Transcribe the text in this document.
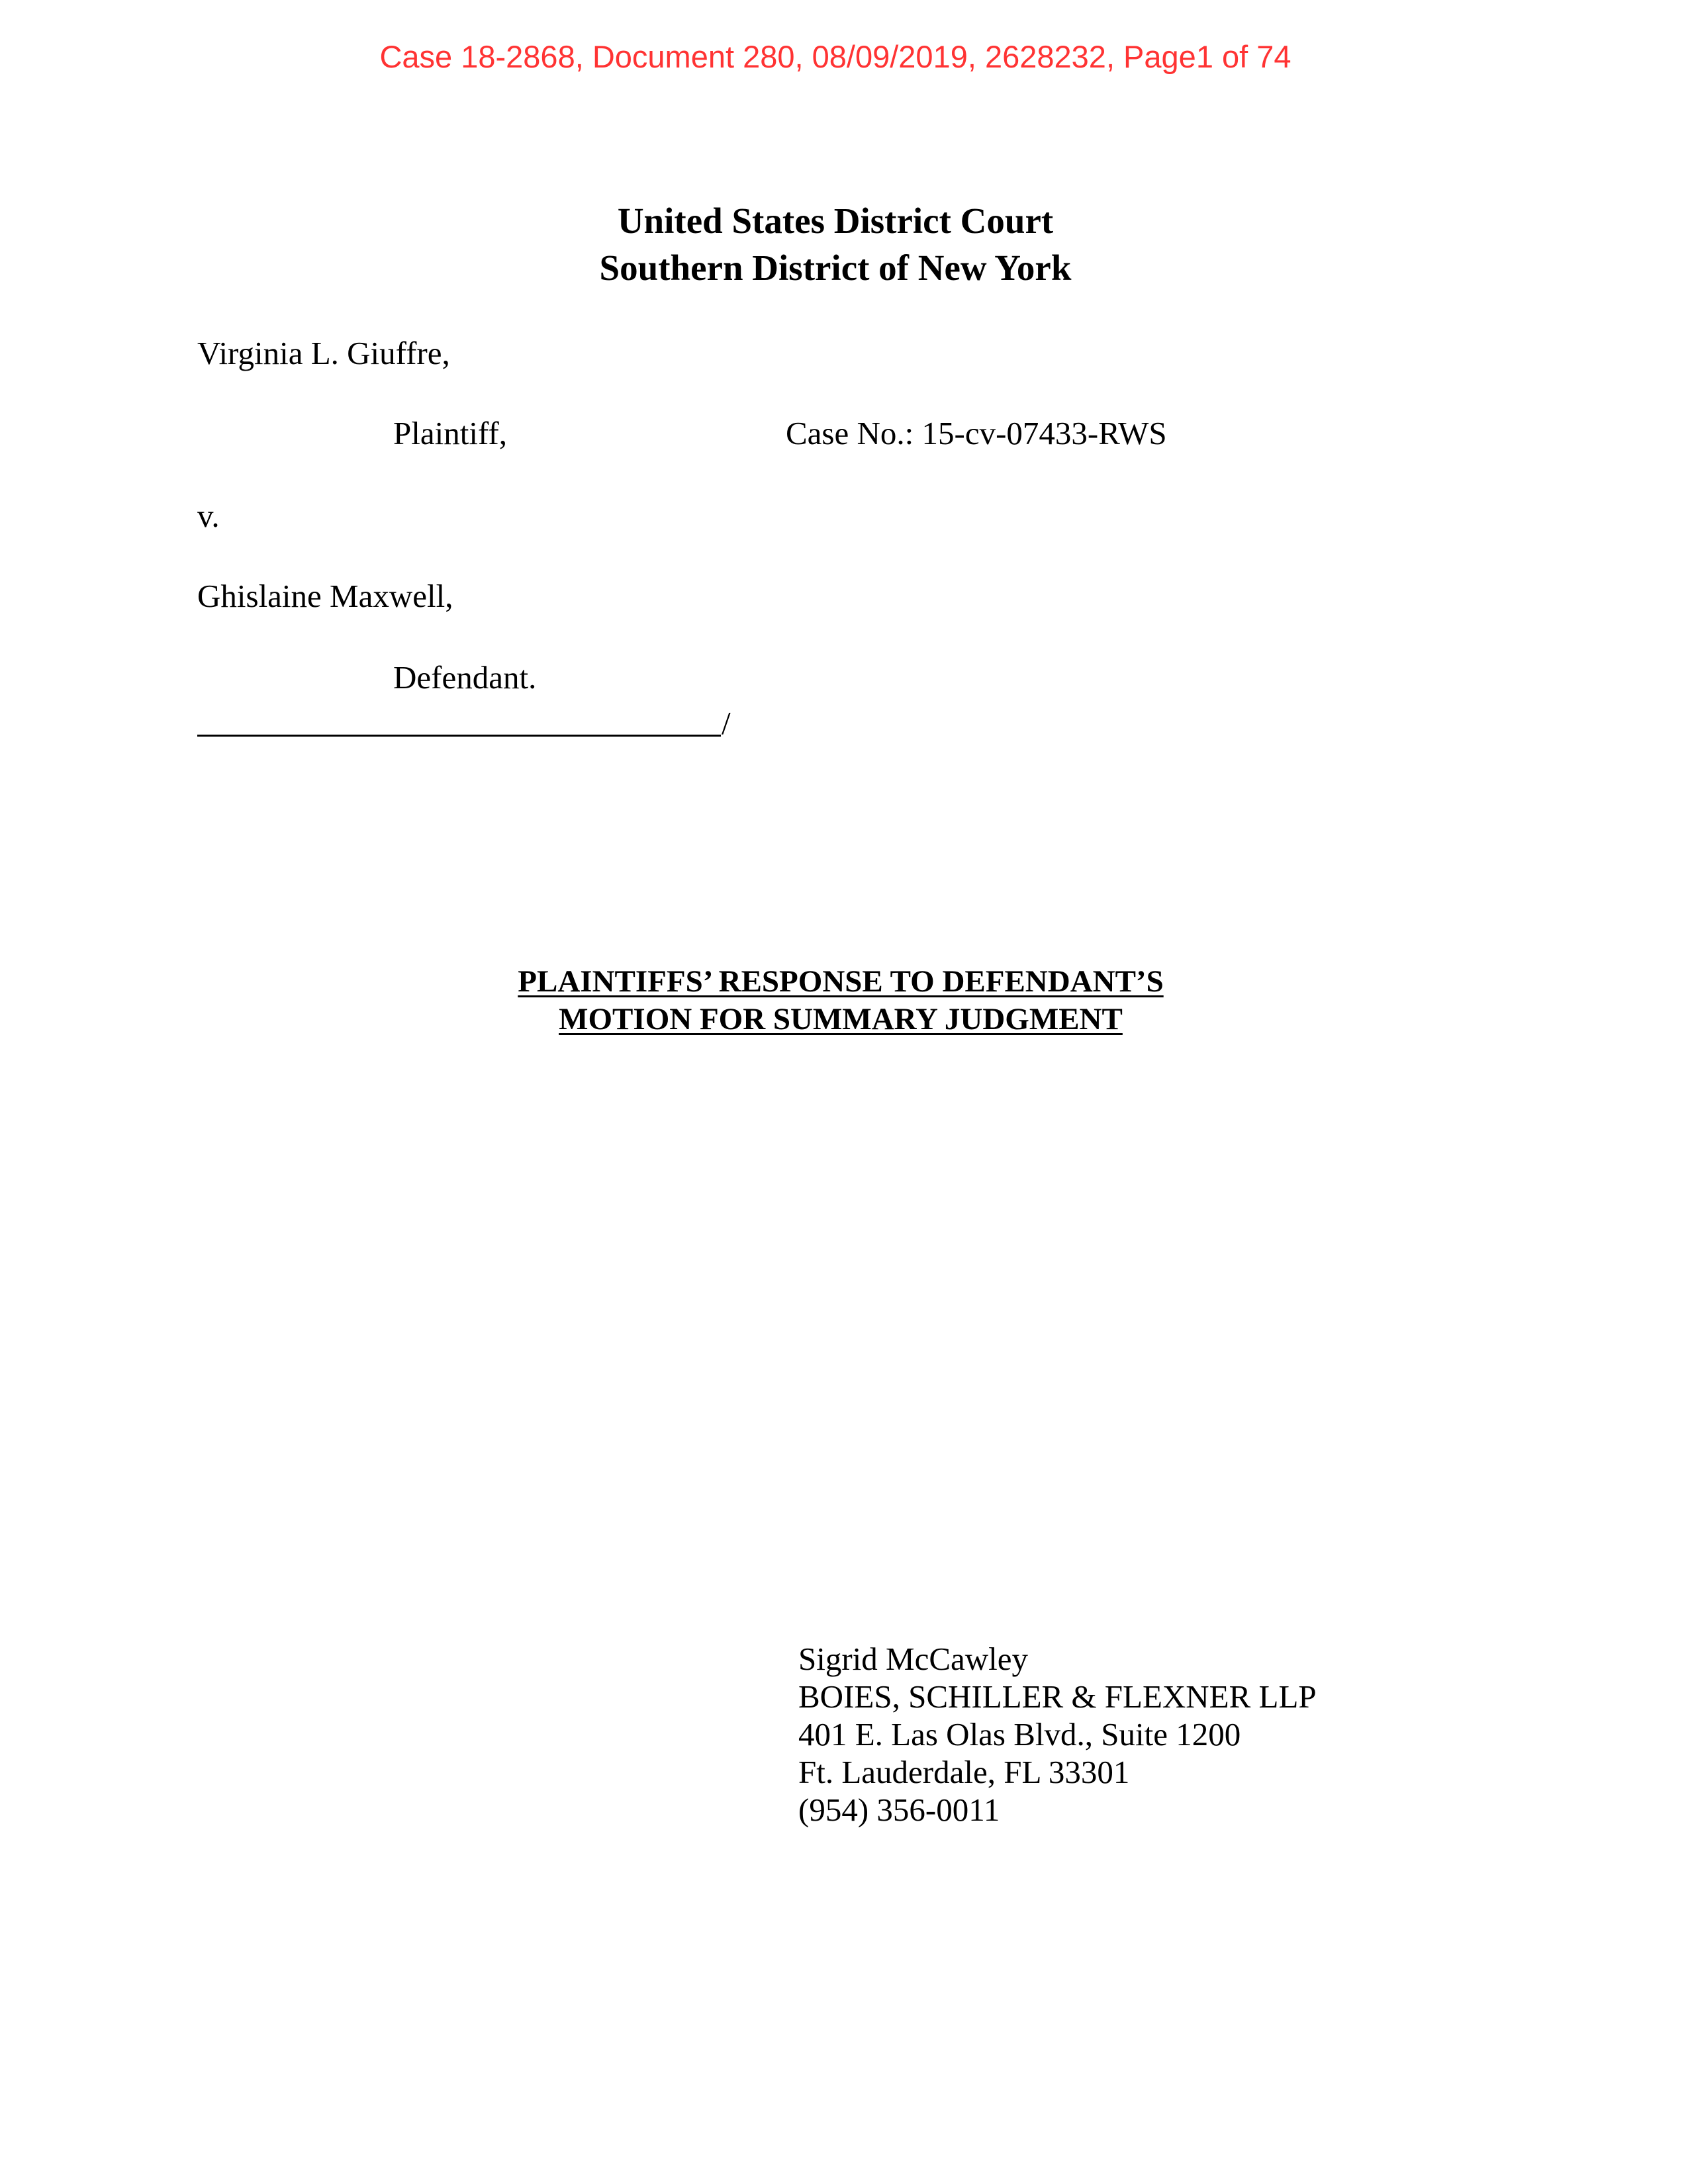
Case 18-2868, Document 280, 08/09/2019, 2628232, Page1 of 74
United States District Court
Southern District of New York
Virginia L. Giuffre,
Plaintiff,	Case No.: 15-cv-07433-RWS
v.
Ghislaine Maxwell,
Defendant.
/
PLAINTIFFS’ RESPONSE TO DEFENDANT’S
MOTION FOR SUMMARY JUDGMENT
Sigrid McCawley
BOIES, SCHILLER & FLEXNER LLP
401 E. Las Olas Blvd., Suite 1200
Ft. Lauderdale, FL 33301
(954) 356-0011
